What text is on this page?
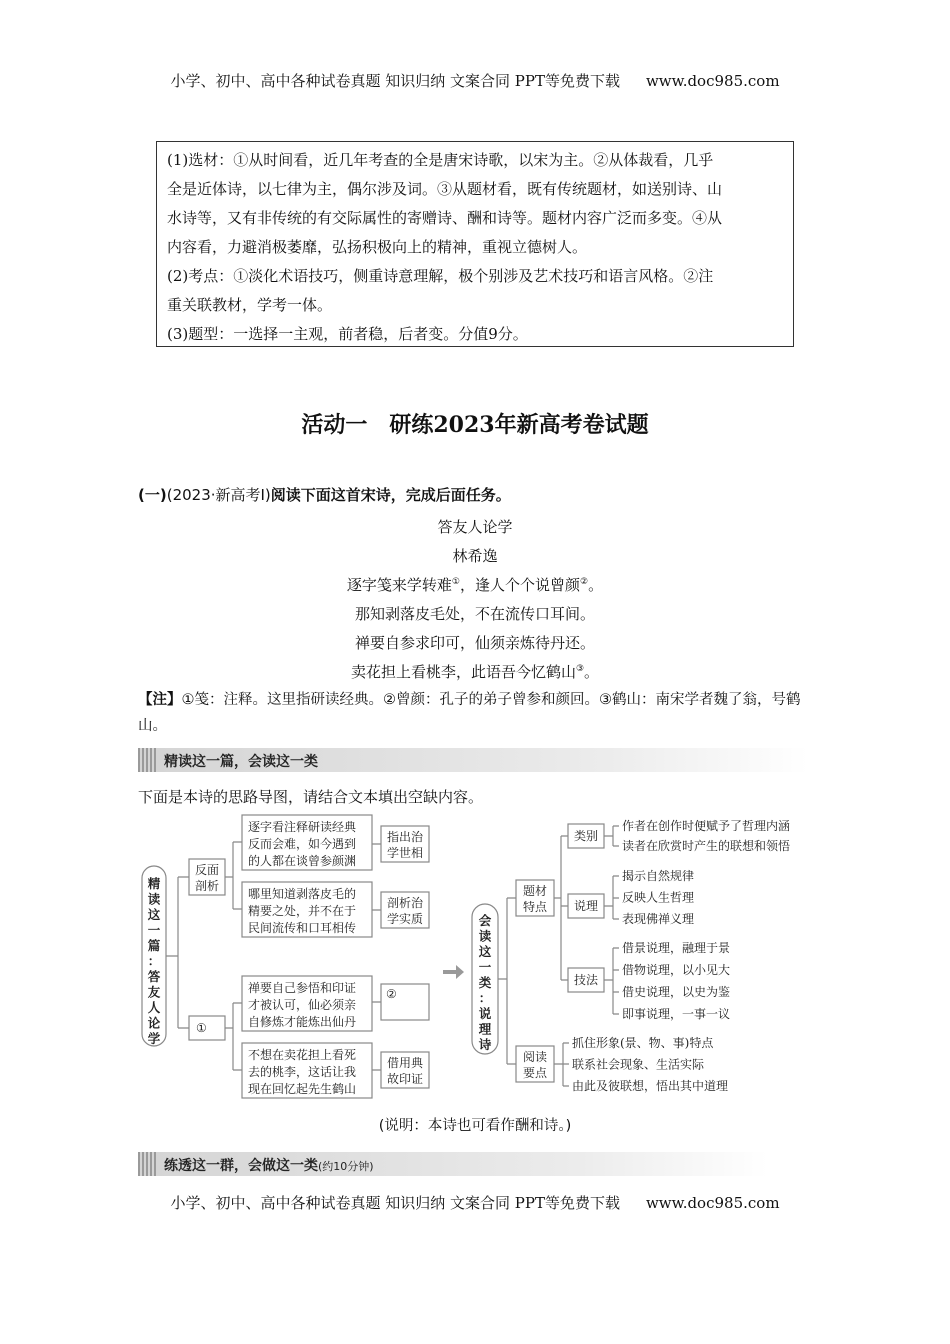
小学、初中、高中各种试卷真题 知识归纳 文案合同 PPT等免费下载 www.doc985.com
(1)选材：①从时间看，近几年考查的全是唐宋诗歌，以宋为主。②从体裁看，几乎
全是近体诗，以七律为主，偶尔涉及词。③从题材看，既有传统题材，如送别诗、山
水诗等，又有非传统的有交际属性的寄赠诗、酬和诗等。题材内容广泛而多变。④从
内容看，力避消极萎靡，弘扬积极向上的精神，重视立德树人。
(2)考点：①淡化术语技巧，侧重诗意理解，极个别涉及艺术技巧和语言风格。②注
重关联教材，学考一体。
(3)题型：一选择一主观，前者稳，后者变。分值9分。
活动一　研练2023年新高考卷试题
(一)(2023·新高考Ⅰ)阅读下面这首宋诗，完成后面任务。
答友人论学
林希逸
逐字笺来学转难①，逢人个个说曾颜②。
那知剥落皮毛处，不在流传口耳间。
禅要自参求印可，仙须亲炼待丹还。
卖花担上看桃李，此语吾今忆鹤山③。
【注】①笺：注释。这里指研读经典。②曾颜：孔子的弟子曾参和颜回。③鹤山：南宋学者魏了翁，号鹤山。
精读这一篇，会读这一类
下面是本诗的思路导图，请结合文本填出空缺内容。
精
读
这
一
篇
：
答
友
人
论
学
反面
剖析
①
逐字看注释研读经典
反而会难，如今遇到
的人都在谈曾参颜渊
指出治
学世相
哪里知道剥落皮毛的
精要之处，并不在于
民间流传和口耳相传
剖析治
学实质
禅要自己参悟和印证
才被认可，仙必须亲
自修炼才能炼出仙丹
②
不想在卖花担上看死
去的桃李，这话让我
现在回忆起先生鹤山
借用典
故印证
会
读
这
一
类
：
说
理
诗
题材
特点
阅读
要点
类别
说理
技法
作者在创作时便赋予了哲理内涵
读者在欣赏时产生的联想和领悟
揭示自然规律
反映人生哲理
表现佛禅义理
借景说理，融理于景
借物说理，以小见大
借史说理，以史为鉴
即事说理，一事一议
抓住形象(景、物、事)特点
联系社会现象、生活实际
由此及彼联想，悟出其中道理
(说明：本诗也可看作酬和诗。)
练透这一群，会做这一类(约10分钟)
小学、初中、高中各种试卷真题 知识归纳 文案合同 PPT等免费下载 www.doc985.com
